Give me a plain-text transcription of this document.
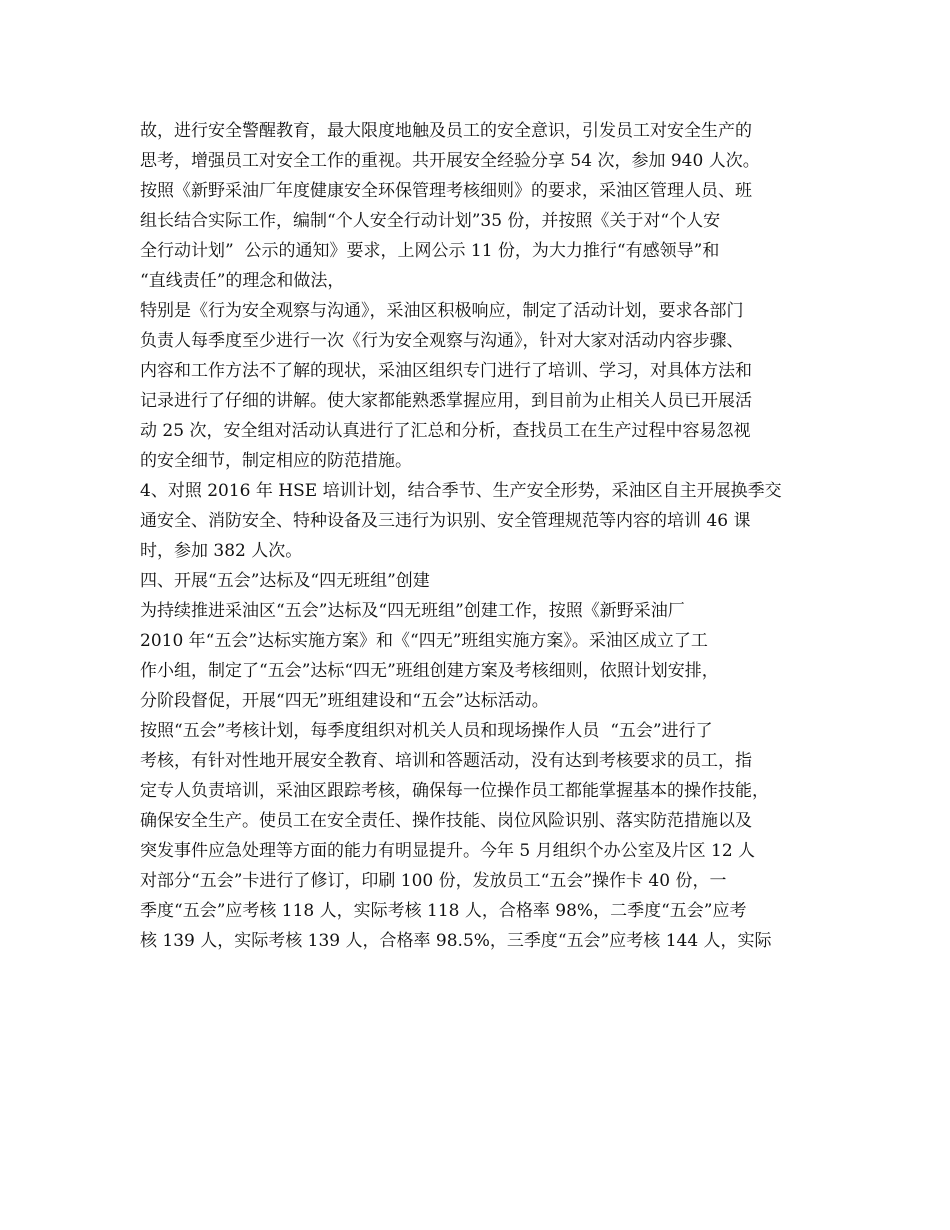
故，进行安全警醒教育，最大限度地触及员工的安全意识，引发员工对安全生产的
思考，增强员工对安全工作的重视。共开展安全经验分享 54 次，参加 940 人次。
按照《新野采油厂年度健康安全环保管理考核细则》的要求，采油区管理人员、班
组长结合实际工作，编制“个人安全行动计划”35 份，并按照《关于对“个人安
全行动计划”  公示的通知》要求，上网公示 11 份，为大力推行“有感领导”和
“直线责任”的理念和做法，
特别是《行为安全观察与沟通》，采油区积极响应，制定了活动计划，要求各部门
负责人每季度至少进行一次《行为安全观察与沟通》，针对大家对活动内容步骤、
内容和工作方法不了解的现状，采油区组织专门进行了培训、学习，对具体方法和
记录进行了仔细的讲解。使大家都能熟悉掌握应用，到目前为止相关人员已开展活
动 25 次，安全组对活动认真进行了汇总和分析，查找员工在生产过程中容易忽视
的安全细节，制定相应的防范措施。
4、对照 2016 年 HSE 培训计划，结合季节、生产安全形势，采油区自主开展换季交
通安全、消防安全、特种设备及三违行为识别、安全管理规范等内容的培训 46 课
时，参加 382 人次。
四、开展“五会”达标及“四无班组”创建
为持续推进采油区“五会”达标及“四无班组”创建工作，按照《新野采油厂
2010 年“五会”达标实施方案》和《“四无”班组实施方案》。采油区成立了工
作小组，制定了“五会”达标“四无”班组创建方案及考核细则，依照计划安排，
分阶段督促，开展“四无”班组建设和“五会”达标活动。
按照“五会”考核计划，每季度组织对机关人员和现场操作人员  “五会”进行了
考核，有针对性地开展安全教育、培训和答题活动，没有达到考核要求的员工，指
定专人负责培训，采油区跟踪考核，确保每一位操作员工都能掌握基本的操作技能，
确保安全生产。使员工在安全责任、操作技能、岗位风险识别、落实防范措施以及
突发事件应急处理等方面的能力有明显提升。今年 5 月组织个办公室及片区 12 人
对部分“五会”卡进行了修订，印刷 100 份，发放员工“五会”操作卡 40 份，一
季度“五会”应考核 118 人，实际考核 118 人，合格率 98%，二季度“五会”应考
核 139 人，实际考核 139 人，合格率 98.5%，三季度“五会”应考核 144 人，实际
